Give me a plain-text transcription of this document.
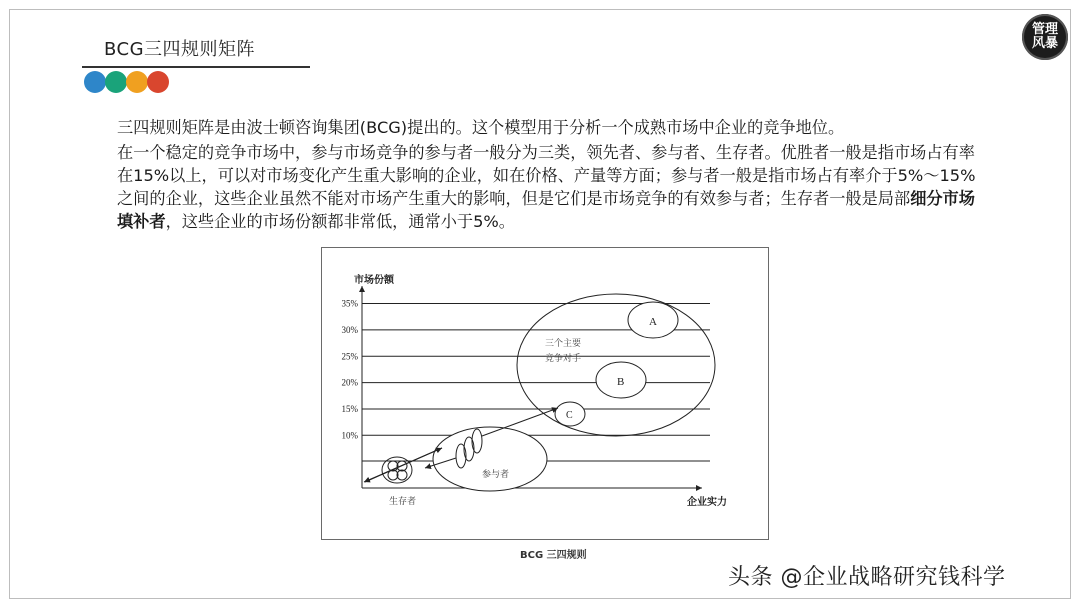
BCG三四规则矩阵
管理
风暴

三四规则矩阵是由波士顿咨询集团(BCG)提出的。这个模型用于分析一个成熟市场中企业的竞争地位。

在一个稳定的竞争市场中，参与市场竞争的参与者一般分为三类，领先者、参与者、生存者。优胜者一般是指市场占有率在15%以上，可以对市场变化产生重大影响的企业，如在价格、产量等方面；参与者一般是指市场占有率介于5%～15%之间的企业，这些企业虽然不能对市场产生重大的影响，但是它们是市场竞争的有效参与者；生存者一般是局部细分市场填补者，这些企业的市场份额都非常低，通常小于5%。

市场份额
企业实力
35%
30%
25%
20%
15%
10%
三个主要
竞争对手
A
B
C
参与者
生存者
BCG 三四规则
头条 @企业战略研究钱科学
